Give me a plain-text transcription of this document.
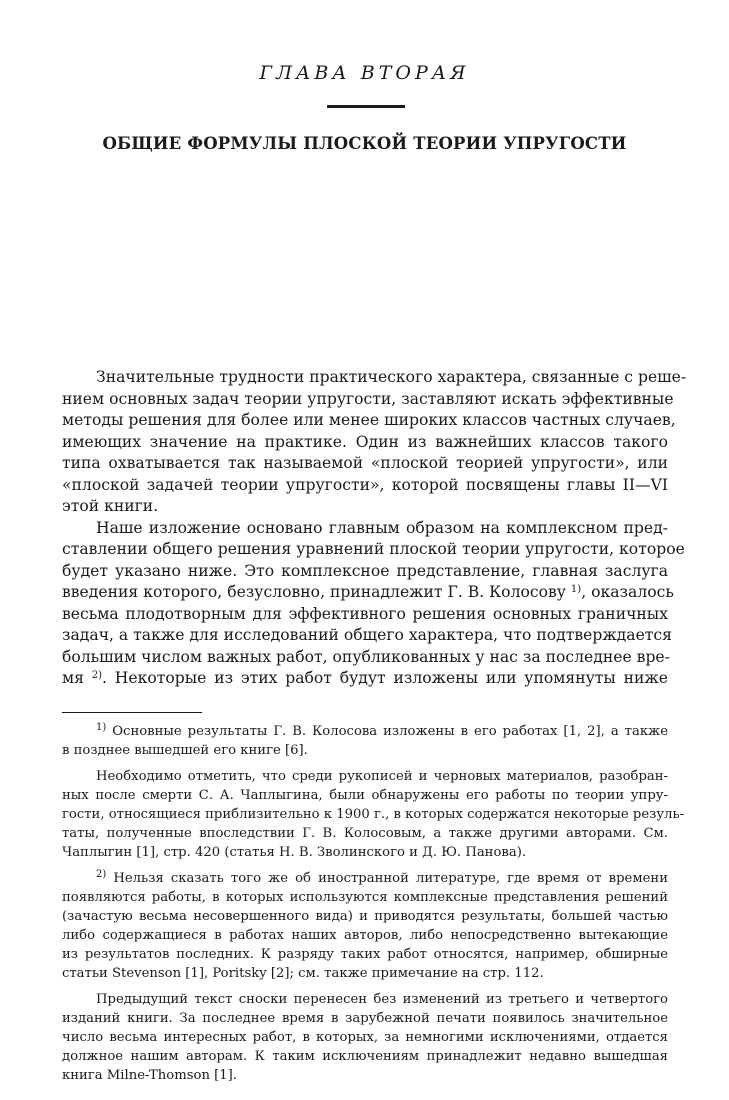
ГЛАВА ВТОРАЯ
ОБЩИЕ ФОРМУЛЫ ПЛОСКОЙ ТЕОРИИ УПРУГОСТИ
Значительные трудности практического характера, связанные с реше-
нием основных задач теории упругости, заставляют искать эффективные
методы решения для более или менее широких классов частных случаев,
имеющих значение на практике. Один из важнейших классов такого
типа охватывается так называемой «плоской теорией упругости», или
«плоской задачей теории упругости», которой посвящены главы II—VI
этой книги.
Наше изложение основано главным образом на комплексном пред-
ставлении общего решения уравнений плоской теории упругости, которое
будет указано ниже. Это комплексное представление, главная заслуга
введения которого, безусловно, принадлежит Г. В. Колосову $^{1)}$, оказалось
весьма плодотворным для эффективного решения основных граничных
задач, а также для исследований общего характера, что подтверждается
большим числом важных работ, опубликованных у нас за последнее вре-
мя $^{2)}$. Некоторые из этих работ будут изложены или упомянуты ниже
$^{1)}$ Основные результаты Г. В. Колосова изложены в его работах [1, 2], а также
в позднее вышедшей его книге [6].
Необходимо отметить, что среди рукописей и черновых материалов, разобран-
ных после смерти С. А. Чаплыгина, были обнаружены его работы по теории упру-
гости, относящиеся приблизительно к 1900 г., в которых содержатся некоторые резуль-
таты, полученные впоследствии Г. В. Колосовым, а также другими авторами. См.
Чаплыгин [1], стр. 420 (статья Н. В. Зволинского и Д. Ю. Панова).
$^{2)}$ Нельзя сказать того же об иностранной литературе, где время от времени
появляются работы, в которых используются комплексные представления решений
(зачастую весьма несовершенного вида) и приводятся результаты, большей частью
либо содержащиеся в работах наших авторов, либо непосредственно вытекающие
из результатов последних. К разряду таких работ относятся, например, обширные
статьи Stevenson [1], Poritsky [2]; см. также примечание на стр. 112.
Предыдущий текст сноски перенесен без изменений из третьего и четвертого
изданий книги. За последнее время в зарубежной печати появилось значительное
число весьма интересных работ, в которых, за немногими исключениями, отдается
должное нашим авторам. К таким исключениям принадлежит недавно вышедшая
книга Milne-Thomson [1].
